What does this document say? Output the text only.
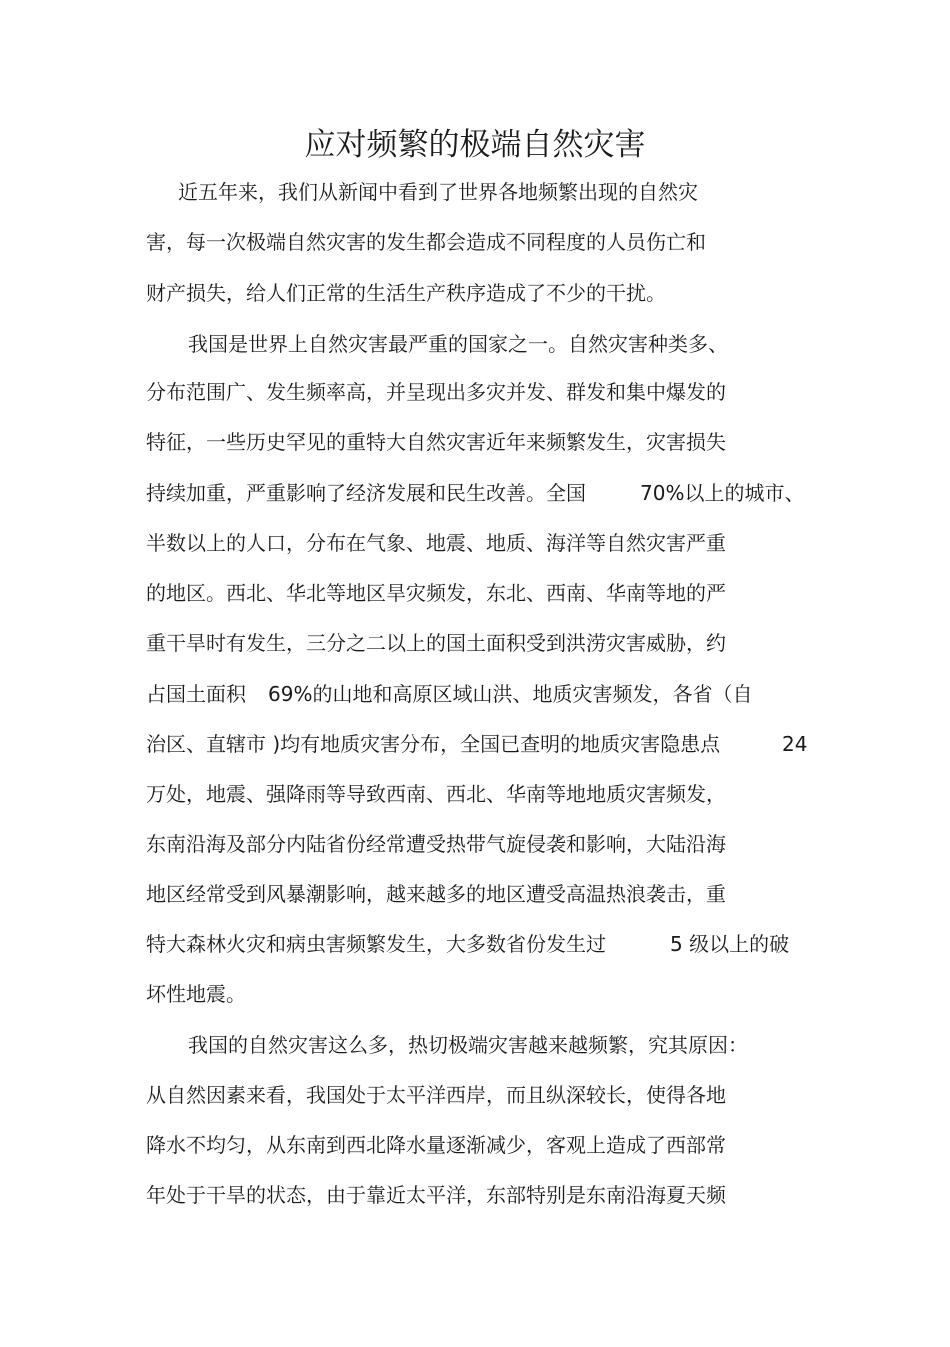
应对频繁的极端自然灾害
近五年来，我们从新闻中看到了世界各地频繁出现的自然灾
害，每一次极端自然灾害的发生都会造成不同程度的人员伤亡和
财产损失，给人们正常的生活生产秩序造成了不少的干扰。
我国是世界上自然灾害最严重的国家之一。自然灾害种类多、
分布范围广、发生频率高，并呈现出多灾并发、群发和集中爆发的
特征，一些历史罕见的重特大自然灾害近年来频繁发生，灾害损失
持续加重，严重影响了经济发展和民生改善。全国	70%以上的城市、
半数以上的人口，分布在气象、地震、地质、海洋等自然灾害严重
的地区。西北、华北等地区旱灾频发，东北、西南、华南等地的严
重干旱时有发生，三分之二以上的国土面积受到洪涝灾害威胁，约
占国土面积 69%的山地和高原区域山洪、地质灾害频发，各省（自
治区、直辖市 )均有地质灾害分布，全国已查明的地质灾害隐患点	24
万处，地震、强降雨等导致西南、西北、华南等地地质灾害频发，
东南沿海及部分内陆省份经常遭受热带气旋侵袭和影响，大陆沿海
地区经常受到风暴潮影响，越来越多的地区遭受高温热浪袭击，重
特大森林火灾和病虫害频繁发生，大多数省份发生过	5 级以上的破
坏性地震。
我国的自然灾害这么多，热切极端灾害越来越频繁，究其原因：
从自然因素来看，我国处于太平洋西岸，而且纵深较长，使得各地
降水不均匀，从东南到西北降水量逐渐减少，客观上造成了西部常
年处于干旱的状态，由于靠近太平洋，东部特别是东南沿海夏天频
